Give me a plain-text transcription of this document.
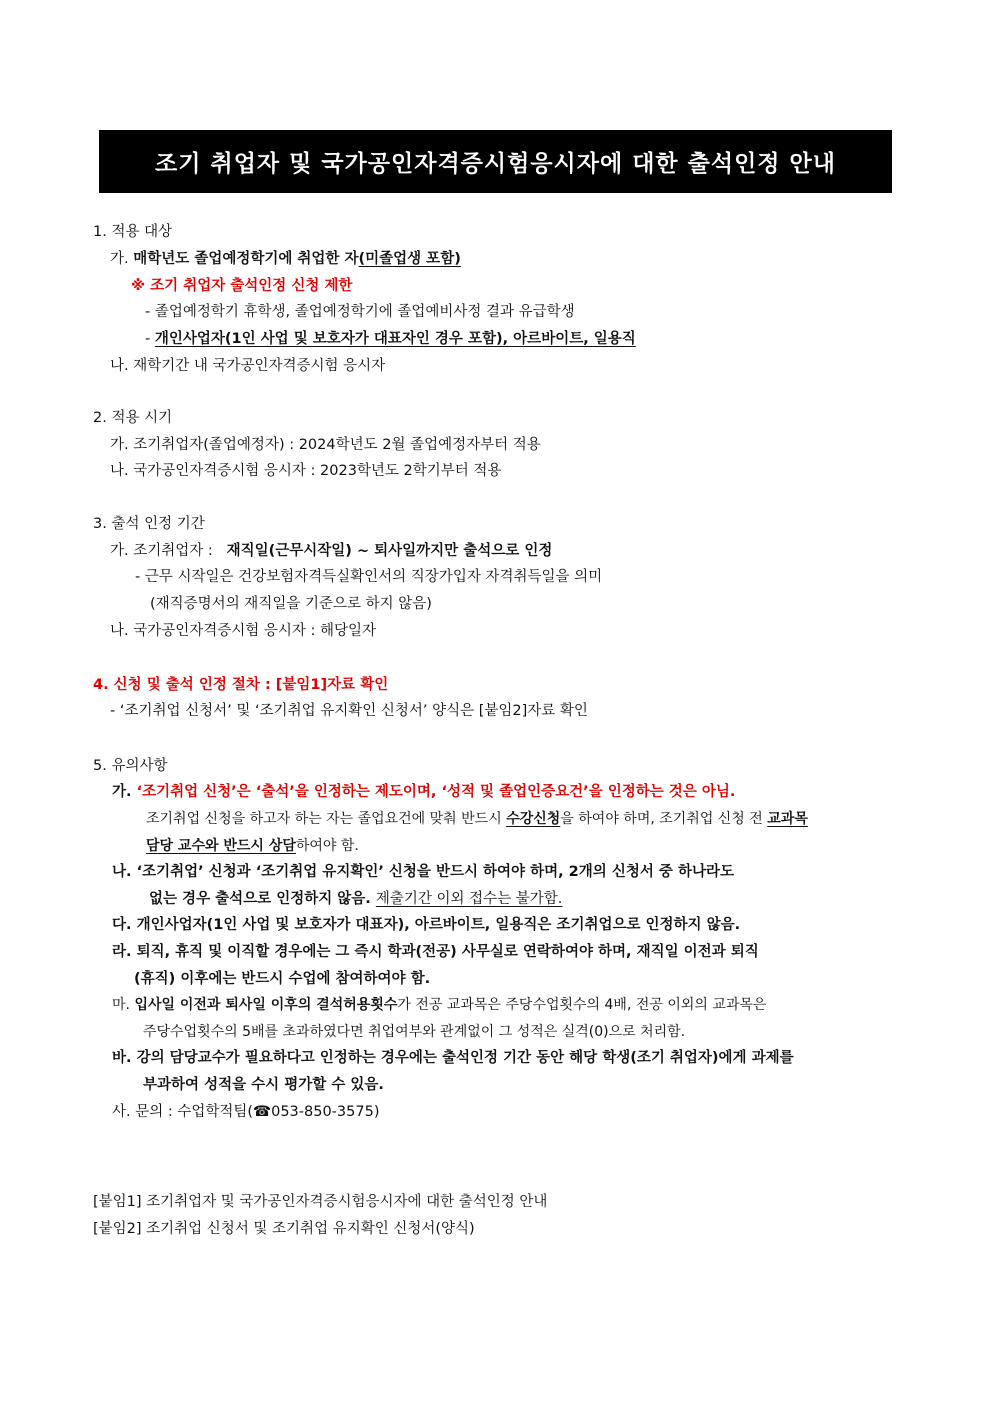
조기 취업자 및 국가공인자격증시험응시자에 대한 출석인정 안내
1. 적용 대상
가. 매학년도 졸업예정학기에 취업한 자(미졸업생 포함)
※ 조기 취업자 출석인정 신청 제한
- 졸업예정학기 휴학생, 졸업예정학기에 졸업예비사정 결과 유급학생
- 개인사업자(1인 사업 및 보호자가 대표자인 경우 포함), 아르바이트, 일용직
나. 재학기간 내 국가공인자격증시험 응시자
2. 적용 시기
가. 조기취업자(졸업예정자) : 2024학년도 2월 졸업예정자부터 적용
나. 국가공인자격증시험 응시자 : 2023학년도 2학기부터 적용
3. 출석 인정 기간
가. 조기취업자 :   재직일(근무시작일) ~ 퇴사일까지만 출석으로 인정
- 근무 시작일은 건강보험자격득실확인서의 직장가입자 자격취득일을 의미
(재직증명서의 재직일을 기준으로 하지 않음)
나. 국가공인자격증시험 응시자 : 해당일자
4. 신청 및 출석 인정 절차 : [붙임1]자료 확인
- ‘조기취업 신청서’ 및 ‘조기취업 유지확인 신청서’ 양식은 [붙임2]자료 확인
5. 유의사항
가. ‘조기취업 신청’은 ‘출석’을 인정하는 제도이며, ‘성적 및 졸업인증요건’을 인정하는 것은 아님.
조기취업 신청을 하고자 하는 자는 졸업요건에 맞춰 반드시 수강신청을 하여야 하며, 조기취업 신청 전 교과목
담당 교수와 반드시 상담하여야 함.
나. ‘조기취업’ 신청과 ‘조기취업 유지확인’ 신청을 반드시 하여야 하며, 2개의 신청서 중 하나라도
없는 경우 출석으로 인정하지 않음. 제출기간 이외 접수는 불가함.
다. 개인사업자(1인 사업 및 보호자가 대표자), 아르바이트, 일용직은 조기취업으로 인정하지 않음.
라. 퇴직, 휴직 및 이직할 경우에는 그 즉시 학과(전공) 사무실로 연락하여야 하며, 재직일 이전과 퇴직
(휴직) 이후에는 반드시 수업에 참여하여야 함.
마. 입사일 이전과 퇴사일 이후의 결석허용횟수가 전공 교과목은 주당수업횟수의 4배, 전공 이외의 교과목은
주당수업횟수의 5배를 초과하였다면 취업여부와 관계없이 그 성적은 실격(0)으로 처리함.
바. 강의 담당교수가 필요하다고 인정하는 경우에는 출석인정 기간 동안 해당 학생(조기 취업자)에게 과제를
부과하여 성적을 수시 평가할 수 있음.
사. 문의 : 수업학적팀(☎053-850-3575)
[붙임1] 조기취업자 및 국가공인자격증시험응시자에 대한 출석인정 안내
[붙임2] 조기취업 신청서 및 조기취업 유지확인 신청서(양식)
